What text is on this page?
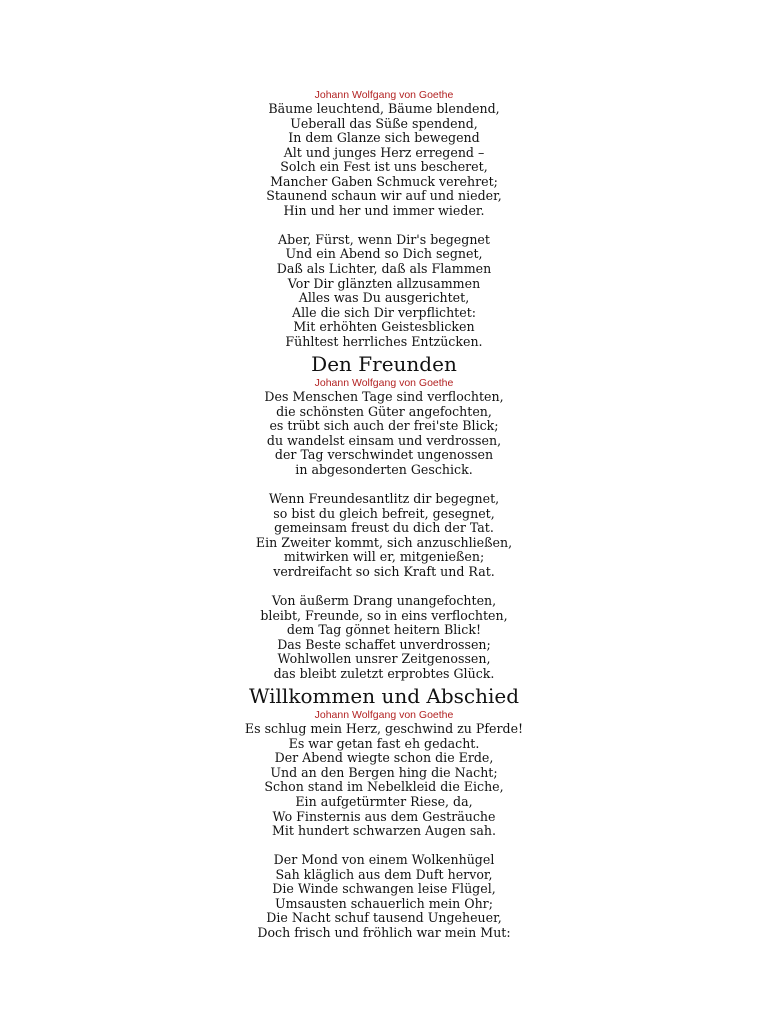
Johann Wolfgang von Goethe
Bäume leuchtend, Bäume blendend,
Ueberall das Süße spendend,
In dem Glanze sich bewegend
Alt und junges Herz erregend –
Solch ein Fest ist uns bescheret,
Mancher Gaben Schmuck verehret;
Staunend schaun wir auf und nieder,
Hin und her und immer wieder.
Aber, Fürst, wenn Dir's begegnet
Und ein Abend so Dich segnet,
Daß als Lichter, daß als Flammen
Vor Dir glänzten allzusammen
Alles was Du ausgerichtet,
Alle die sich Dir verpflichtet:
Mit erhöhten Geistesblicken
Fühltest herrliches Entzücken.
Den Freunden
Johann Wolfgang von Goethe
Des Menschen Tage sind verflochten,
die schönsten Güter angefochten,
es trübt sich auch der frei'ste Blick;
du wandelst einsam und verdrossen,
der Tag verschwindet ungenossen
in abgesonderten Geschick.
Wenn Freundesantlitz dir begegnet,
so bist du gleich befreit, gesegnet,
gemeinsam freust du dich der Tat.
Ein Zweiter kommt, sich anzuschließen,
mitwirken will er, mitgenießen;
verdreifacht so sich Kraft und Rat.
Von äußerm Drang unangefochten,
bleibt, Freunde, so in eins verflochten,
dem Tag gönnet heitern Blick!
Das Beste schaffet unverdrossen;
Wohlwollen unsrer Zeitgenossen,
das bleibt zuletzt erprobtes Glück.
Willkommen und Abschied
Johann Wolfgang von Goethe
Es schlug mein Herz, geschwind zu Pferde!
Es war getan fast eh gedacht.
Der Abend wiegte schon die Erde,
Und an den Bergen hing die Nacht;
Schon stand im Nebelkleid die Eiche,
Ein aufgetürmter Riese, da,
Wo Finsternis aus dem Gesträuche
Mit hundert schwarzen Augen sah.
Der Mond von einem Wolkenhügel
Sah kläglich aus dem Duft hervor,
Die Winde schwangen leise Flügel,
Umsausten schauerlich mein Ohr;
Die Nacht schuf tausend Ungeheuer,
Doch frisch und fröhlich war mein Mut:
